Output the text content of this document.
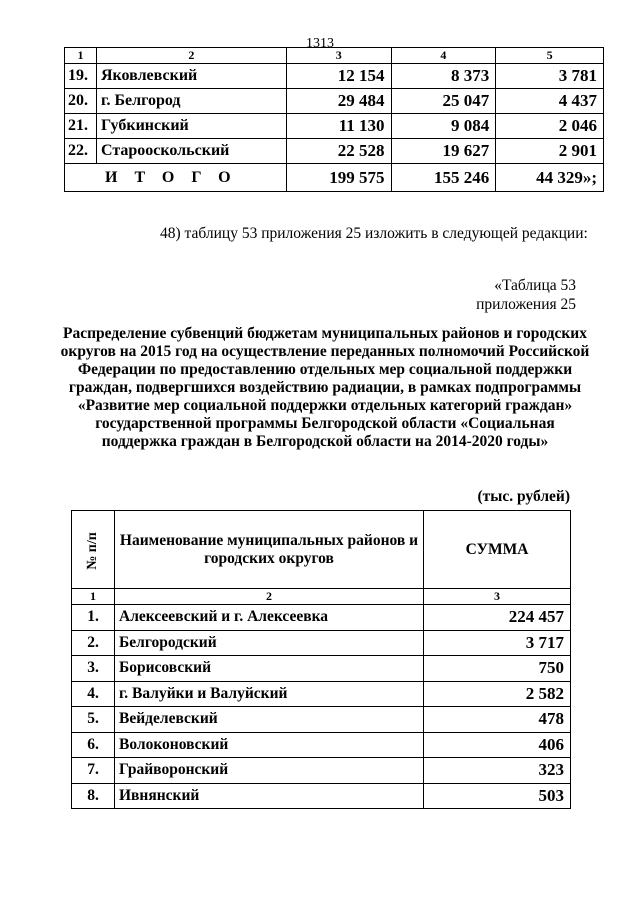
1313
1	2	3	4	5
19.	Яковлевский	12 154	8 373	3 781
20.	г. Белгород	29 484	25 047	4 437
21.	Губкинский	11 130	9 084	2 046
22.	Старооскольский	22 528	19 627	2 901
ИТОГО		199 575	155 246	44 329»;
48) таблицу 53 приложения 25 изложить в следующей редакции:
«Таблица 53
приложения 25
Распределение субвенций бюджетам муниципальных районов и городских округов на 2015 год на осуществление переданных полномочий Российской Федерации по предоставлению отдельных мер социальной поддержки граждан, подвергшихся воздействию радиации, в рамках подпрограммы «Развитие мер социальной поддержки отдельных категорий граждан» государственной программы Белгородской области «Социальная поддержка граждан в Белгородской области на 2014-2020 годы»
(тыс. рублей)
№ п/п	Наименование муниципальных районов и городских округов	СУММА
1	2	3
1.	Алексеевский и г. Алексеевка	224 457
2.	Белгородский	3 717
3.	Борисовский	750
4.	г. Валуйки и Валуйский	2 582
5.	Вейделевский	478
6.	Волоконовский	406
7.	Грайворонский	323
8.	Ивнянский	503
